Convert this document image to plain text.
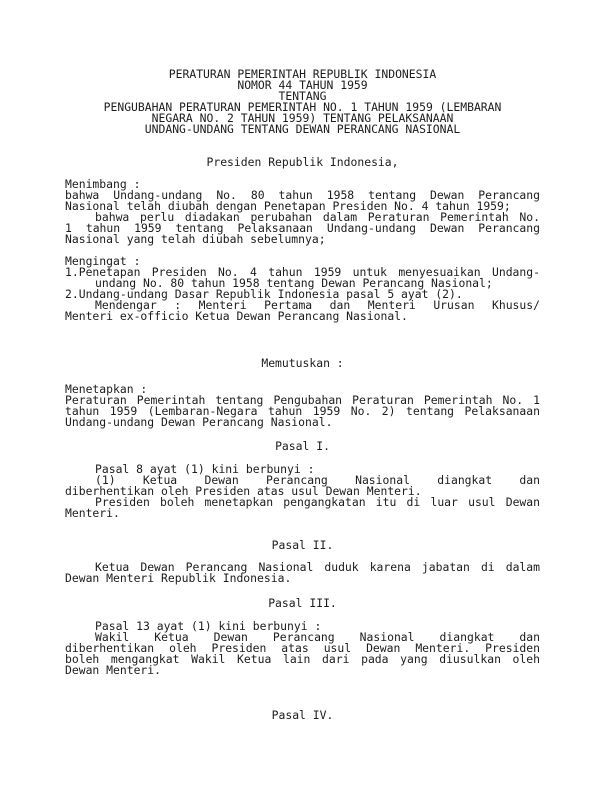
PERATURAN PEMERINTAH REPUBLIK INDONESIA
NOMOR 44 TAHUN 1959
TENTANG
PENGUBAHAN PERATURAN PEMERINTAH NO. 1 TAHUN 1959 (LEMBARAN
NEGARA NO. 2 TAHUN 1959) TENTANG PELAKSANAAN
UNDANG-UNDANG TENTANG DEWAN PERANCANG NASIONAL
Presiden Republik Indonesia,
Menimbang :
bahwa Undang-undang No. 80 tahun 1958 tentang Dewan Perancang
Nasional telah diubah dengan Penetapan Presiden No. 4 tahun 1959;
bahwa perlu diadakan perubahan dalam Peraturan Pemerintah No.
1 tahun 1959 tentang Pelaksanaan Undang-undang Dewan Perancang
Nasional yang telah diubah sebelumnya;
Mengingat :
1.Penetapan Presiden No. 4 tahun 1959 untuk menyesuaikan Undang-
undang No. 80 tahun 1958 tentang Dewan Perancang Nasional;
2.Undang-undang Dasar Republik Indonesia pasal 5 ayat (2).
Mendengar : Menteri Pertama dan Menteri Urusan Khusus/
Menteri ex-officio Ketua Dewan Perancang Nasional.
Memutuskan :
Menetapkan :
Peraturan Pemerintah tentang Pengubahan Peraturan Pemerintah No. 1
tahun 1959 (Lembaran-Negara tahun 1959 No. 2) tentang Pelaksanaan
Undang-undang Dewan Perancang Nasional.
Pasal I.
Pasal 8 ayat (1) kini berbunyi :
(1) Ketua Dewan Perancang Nasional diangkat dan
diberhentikan oleh Presiden atas usul Dewan Menteri.
Presiden boleh menetapkan pengangkatan itu di luar usul Dewan
Menteri.
Pasal II.
Ketua Dewan Perancang Nasional duduk karena jabatan di dalam
Dewan Menteri Republik Indonesia.
Pasal III.
Pasal 13 ayat (1) kini berbunyi :
Wakil Ketua Dewan Perancang Nasional diangkat dan
diberhentikan oleh Presiden atas usul Dewan Menteri. Presiden
boleh mengangkat Wakil Ketua lain dari pada yang diusulkan oleh
Dewan Menteri.
Pasal IV.
